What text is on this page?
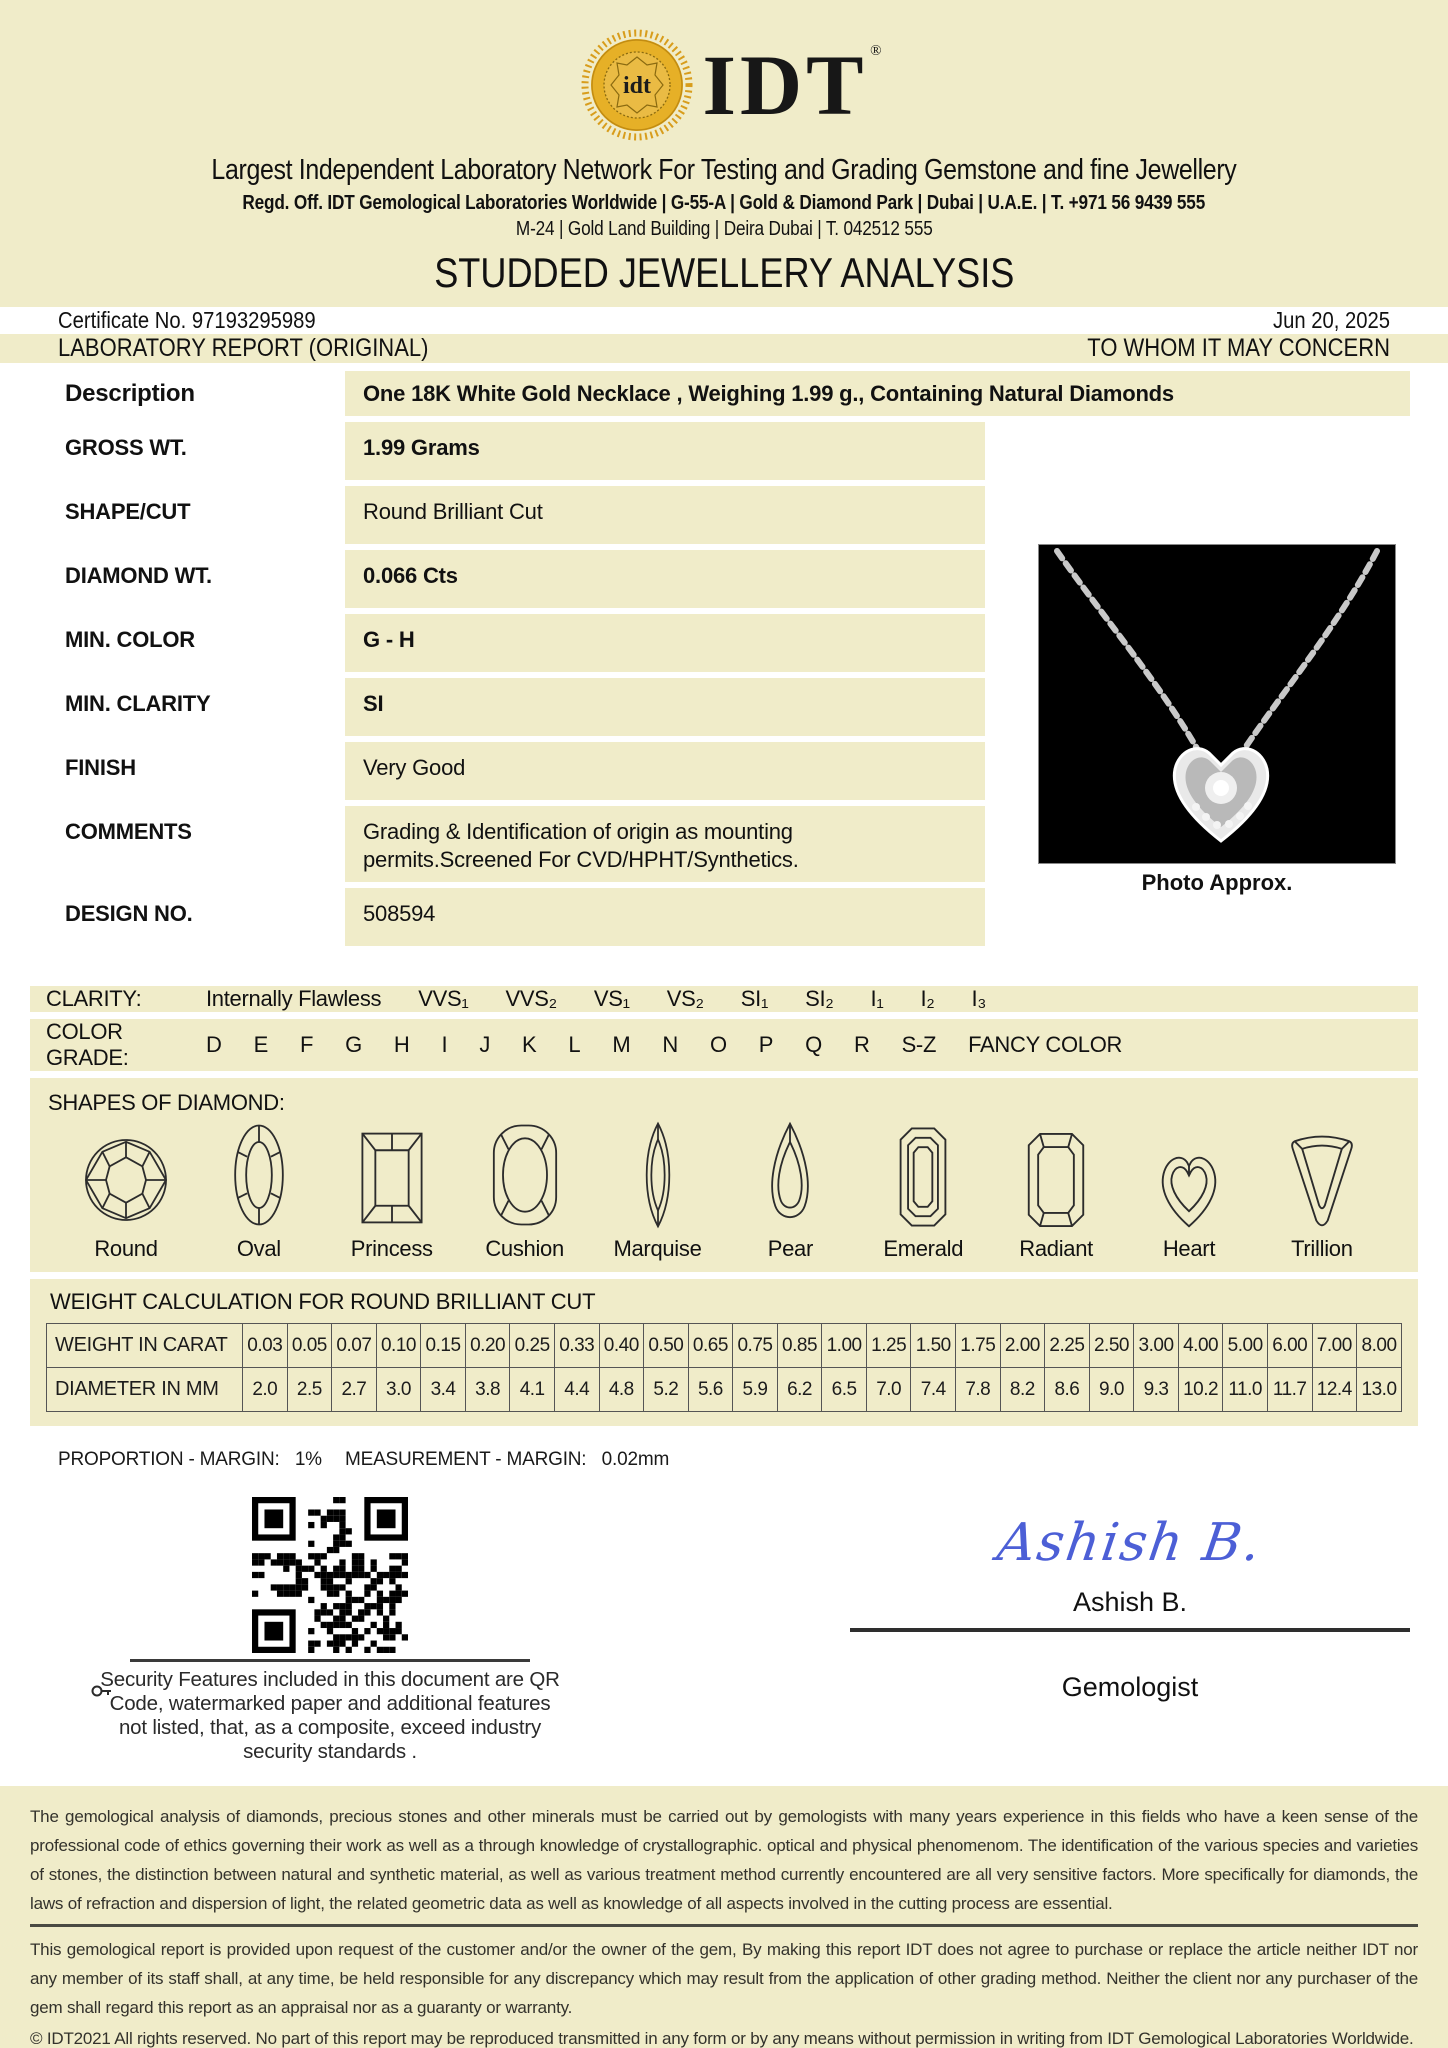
idt IDT ®
Largest Independent Laboratory Network For Testing and Grading Gemstone and fine Jewellery
Regd. Off. IDT Gemological Laboratories Worldwide | G-55-A | Gold & Diamond Park | Dubai | U.A.E. | T. +971 56 9439 555
M-24 | Gold Land Building | Deira Dubai | T. 042512 555
STUDDED JEWELLERY ANALYSIS
Certificate No. 97193295989	Jun 20, 2025
LABORATORY REPORT (ORIGINAL)	TO WHOM IT MAY CONCERN
Description	One 18K White Gold Necklace , Weighing 1.99 g., Containing Natural Diamonds
GROSS WT.	1.99 Grams
SHAPE/CUT	Round Brilliant Cut
DIAMOND WT.	0.066 Cts
MIN. COLOR	G - H
MIN. CLARITY	SI
FINISH	Very Good
COMMENTS	Grading & Identification of origin as mounting permits.Screened For CVD/HPHT/Synthetics.
DESIGN NO.	508594
Photo Approx.
CLARITY:	Internally Flawless VVS₁ VVS₂ VS₁ VS₂ SI₁ SI₂ I₁ I₂ I₃
COLOR GRADE:
D E F G H I J K L M N O P Q R S-Z FANCY COLOR
SHAPES OF DIAMOND:
Round	Oval	Princess Cushion Marquise	Pear	Emerald	Radiant	Heart	Trillion
WEIGHT CALCULATION FOR ROUND BRILLIANT CUT
WEIGHT IN CARAT	0.03	0.05	0.07	0.10	0.15	0.20	0.25	0.33	0.40	0.50	0.65	0.75	0.85	1.00	1.25	1.50	1.75	2.00	2.25	2.50	3.00	4.00	5.00	6.00	7.00	8.00
DIAMETER IN MM	2.0	2.5	2.7	3.0	3.4	3.8	4.1	4.4	4.8	5.2	5.6	5.9	6.2	6.5	7.0	7.4	7.8	8.2	8.6	9.0	9.3	10.2	11.0	11.7	12.4	13.0
PROPORTION - MARGIN: 1% MEASUREMENT - MARGIN: 0.02mm
Security Features included in this document are QR Code, watermarked paper and additional features not listed, that, as a composite, exceed industry security standards .
Ashish B.
Ashish B.
Gemologist

The gemological analysis of diamonds, precious stones and other minerals must be carried out by gemologists with many years experience in this fields who have a keen sense of the professional code of ethics governing their work as well as a through knowledge of crystallographic. optical and physical phenomenom. The identification of the various species and varieties of stones, the distinction between natural and synthetic material, as well as various treatment method currently encountered are all very sensitive factors. More specifically for diamonds, the laws of refraction and dispersion of light, the related geometric data as well as knowledge of all aspects involved in the cutting process are essential.

This gemological report is provided upon request of the customer and/or the owner of the gem, By making this report IDT does not agree to purchase or replace the article neither IDT nor any member of its staff shall, at any time, be held responsible for any discrepancy which may result from the application of other grading method. Neither the client nor any purchaser of the gem shall regard this report as an appraisal nor as a guaranty or warranty.

© IDT2021 All rights reserved. No part of this report may be reproduced transmitted in any form or by any means without permission in writing from IDT Gemological Laboratories Worldwide.
